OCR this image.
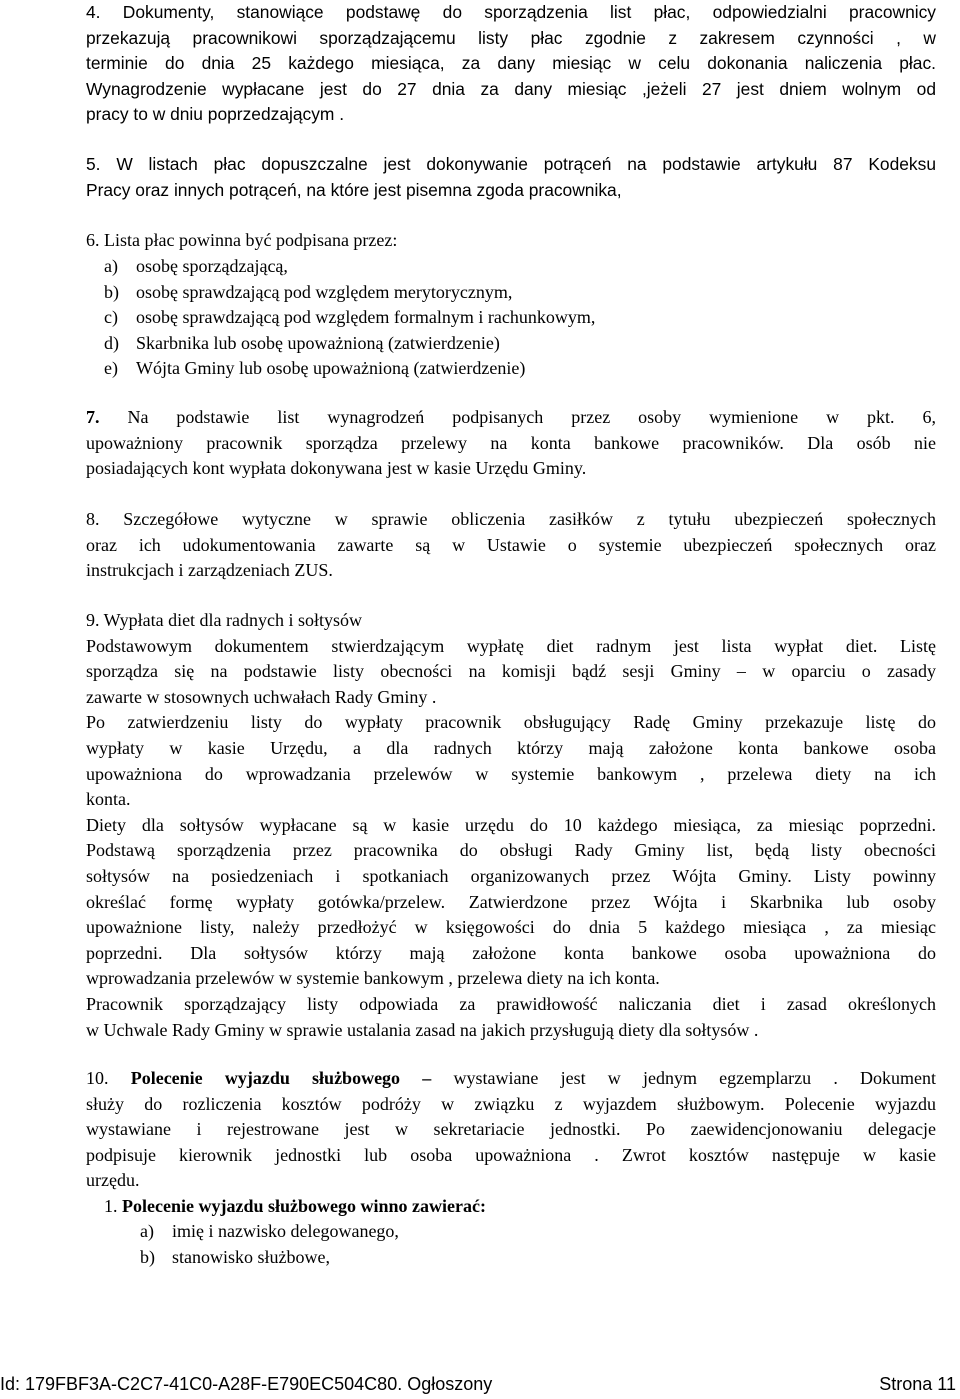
4. Dokumenty, stanowiące podstawę do sporządzenia list płac, odpowiedzialni pracownicy
przekazują pracownikowi sporządzającemu listy płac zgodnie z zakresem czynności , w
terminie do dnia 25 każdego miesiąca, za dany miesiąc w celu dokonania naliczenia płac.
Wynagrodzenie wypłacane jest do 27 dnia za dany miesiąc ,jeżeli 27 jest dniem wolnym od
pracy to w dniu poprzedzającym .
5. W listach płac dopuszczalne jest dokonywanie potrąceń na podstawie artykułu 87 Kodeksu
Pracy oraz innych potrąceń, na które jest pisemna zgoda pracownika,
6. Lista płac powinna być podpisana przez:
a) osobę sporządzającą,
b) osobę sprawdzającą pod względem merytorycznym,
c) osobę sprawdzającą pod względem formalnym i rachunkowym,
d) Skarbnika lub osobę upoważnioną (zatwierdzenie)
e) Wójta Gminy lub osobę upoważnioną (zatwierdzenie)
7. Na podstawie list wynagrodzeń podpisanych przez osoby wymienione w pkt. 6,
upoważniony pracownik sporządza przelewy na konta bankowe pracowników. Dla osób nie
posiadających kont wypłata dokonywana jest w kasie Urzędu Gminy.
8. Szczegółowe wytyczne w sprawie obliczenia zasiłków z tytułu ubezpieczeń społecznych
oraz ich udokumentowania zawarte są w Ustawie o systemie ubezpieczeń społecznych oraz
instrukcjach i zarządzeniach ZUS.
9. Wypłata diet dla radnych i sołtysów
Podstawowym dokumentem stwierdzającym wypłatę diet radnym jest lista wypłat diet. Listę
sporządza się na podstawie listy obecności na komisji bądź sesji Gminy – w oparciu o zasady
zawarte w stosownych uchwałach Rady Gminy .
Po zatwierdzeniu listy do wypłaty pracownik obsługujący Radę Gminy przekazuje listę do
wypłaty w kasie Urzędu, a dla radnych którzy mają założone konta bankowe osoba
upoważniona do wprowadzania przelewów w systemie bankowym , przelewa diety na ich
konta.
Diety dla sołtysów wypłacane są w kasie urzędu do 10 każdego miesiąca, za miesiąc poprzedni.
Podstawą sporządzenia przez pracownika do obsługi Rady Gminy list, będą listy obecności
sołtysów na posiedzeniach i spotkaniach organizowanych przez Wójta Gminy. Listy powinny
określać formę wypłaty gotówka/przelew. Zatwierdzone przez Wójta i Skarbnika lub osoby
upoważnione listy, należy przedłożyć w księgowości do dnia 5 każdego miesiąca , za miesiąc
poprzedni. Dla sołtysów którzy mają założone konta bankowe osoba upoważniona do
wprowadzania przelewów w systemie bankowym , przelewa diety na ich konta.
Pracownik sporządzający listy odpowiada za prawidłowość naliczania diet i zasad określonych
w Uchwale Rady Gminy w sprawie ustalania zasad na jakich przysługują diety dla sołtysów .
10. Polecenie wyjazdu służbowego – wystawiane jest w jednym egzemplarzu . Dokument
służy do rozliczenia kosztów podróży w związku z wyjazdem służbowym. Polecenie wyjazdu
wystawiane i rejestrowane jest w sekretariacie jednostki. Po zaewidencjonowaniu delegacje
podpisuje kierownik jednostki lub osoba upoważniona . Zwrot kosztów następuje w kasie
urzędu.
1. Polecenie wyjazdu służbowego winno zawierać:
a) imię i nazwisko delegowanego,
b) stanowisko służbowe,
Id: 179FBF3A-C2C7-41C0-A28F-E790EC504C80. Ogłoszony	Strona 11
